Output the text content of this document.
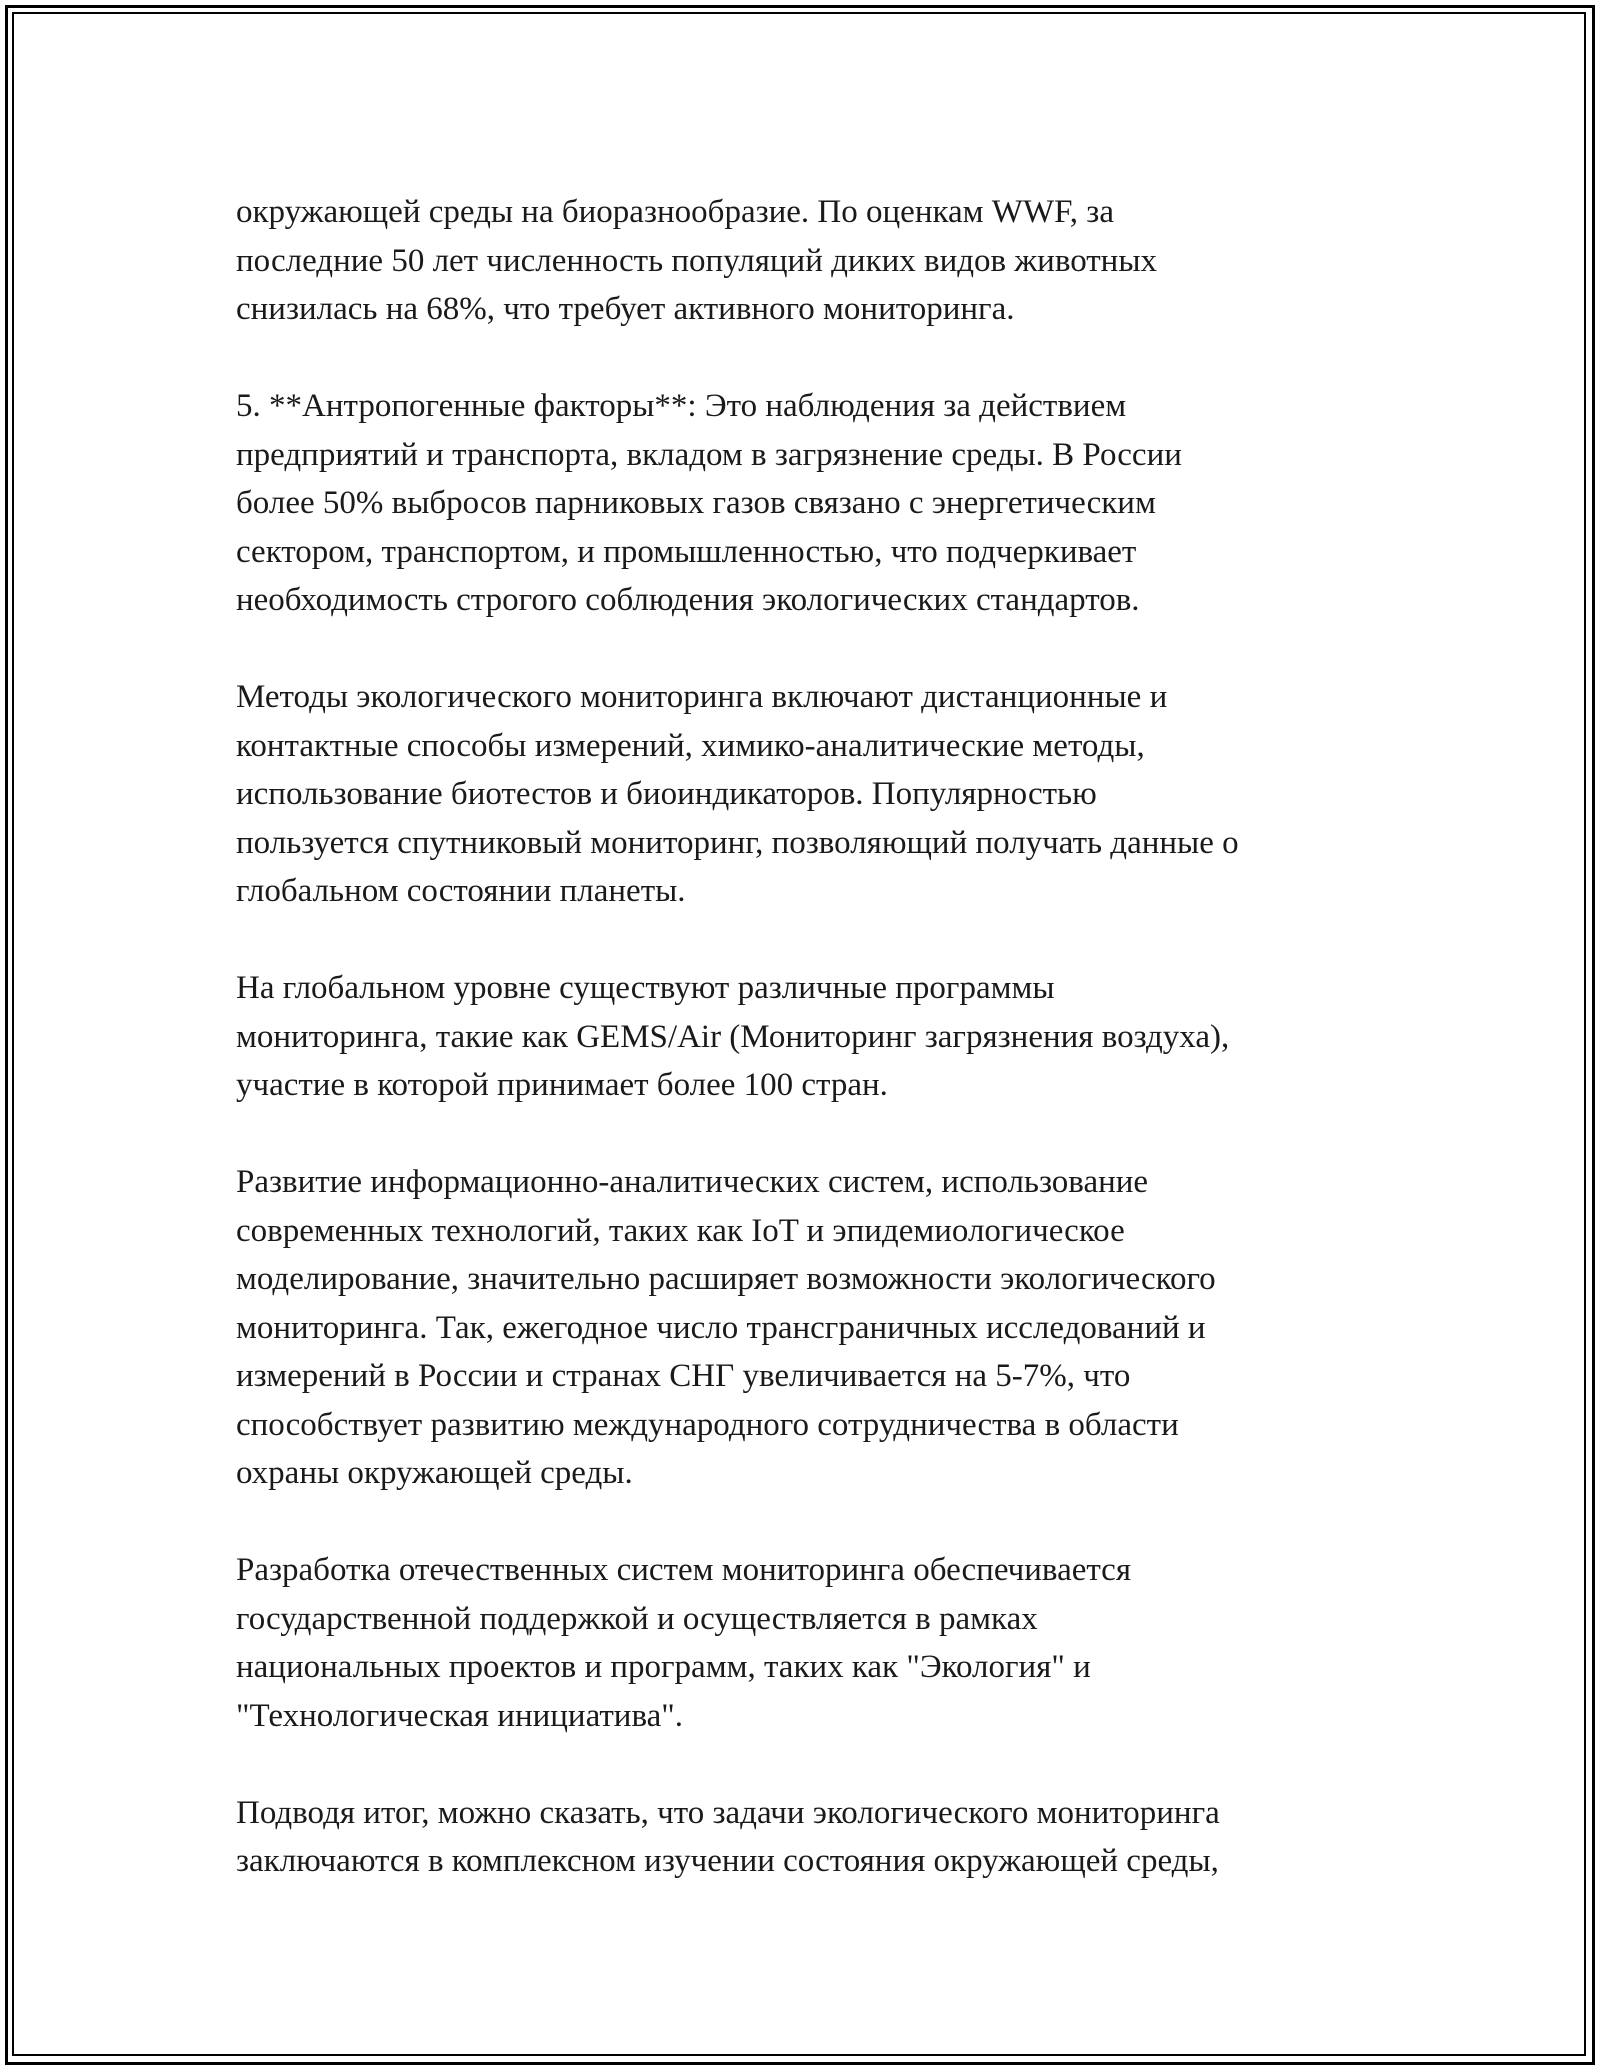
окружающей среды на биоразнообразие. По оценкам WWF, за
последние 50 лет численность популяций диких видов животных
снизилась на 68%, что требует активного мониторинга.
5. **Антропогенные факторы**: Это наблюдения за действием
предприятий и транспорта, вкладом в загрязнение среды. В России
более 50% выбросов парниковых газов связано с энергетическим
сектором, транспортом, и промышленностью, что подчеркивает
необходимость строгого соблюдения экологических стандартов.
Методы экологического мониторинга включают дистанционные и
контактные способы измерений, химико-аналитические методы,
использование биотестов и биоиндикаторов. Популярностью
пользуется спутниковый мониторинг, позволяющий получать данные о
глобальном состоянии планеты.
На глобальном уровне существуют различные программы
мониторинга, такие как GEMS/Air (Мониторинг загрязнения воздуха),
участие в которой принимает более 100 стран.
Развитие информационно-аналитических систем, использование
современных технологий, таких как IoT и эпидемиологическое
моделирование, значительно расширяет возможности экологического
мониторинга. Так, ежегодное число трансграничных исследований и
измерений в России и странах СНГ увеличивается на 5-7%, что
способствует развитию международного сотрудничества в области
охраны окружающей среды.
Разработка отечественных систем мониторинга обеспечивается
государственной поддержкой и осуществляется в рамках
национальных проектов и программ, таких как "Экология" и
"Технологическая инициатива".
Подводя итог, можно сказать, что задачи экологического мониторинга
заключаются в комплексном изучении состояния окружающей среды,
